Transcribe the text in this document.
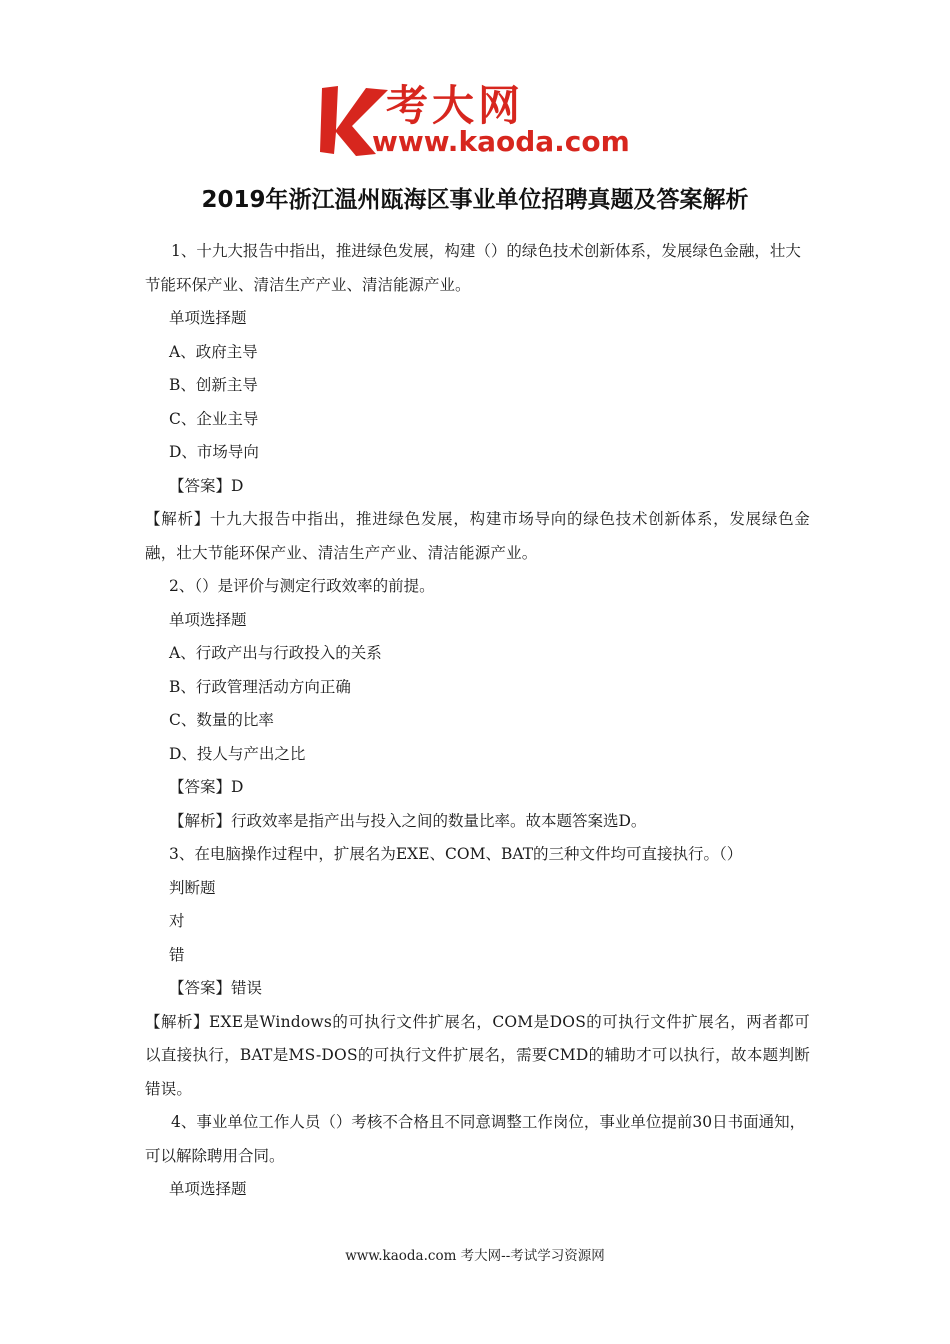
考大网
www.kaoda.com
2019年浙江温州瓯海区事业单位招聘真题及答案解析

1、十九大报告中指出，推进绿色发展，构建（）的绿色技术创新体系，发展绿色金融，壮大节能环保产业、清洁生产产业、清洁能源产业。

单项选择题

A、政府主导

B、创新主导

C、企业主导

D、市场导向

【答案】D

【解析】十九大报告中指出，推进绿色发展，构建市场导向的绿色技术创新体系，发展绿色金融，壮大节能环保产业、清洁生产产业、清洁能源产业。

2、（）是评价与测定行政效率的前提。

单项选择题

A、行政产出与行政投入的关系

B、行政管理活动方向正确

C、数量的比率

D、投人与产出之比

【答案】D

【解析】行政效率是指产出与投入之间的数量比率。故本题答案选D。

3、在电脑操作过程中，扩展名为EXE、COM、BAT的三种文件均可直接执行。（）

判断题

对

错

【答案】错误

【解析】EXE是Windows的可执行文件扩展名，COM是DOS的可执行文件扩展名，两者都可以直接执行，BAT是MS-DOS的可执行文件扩展名，需要CMD的辅助才可以执行，故本题判断错误。

4、事业单位工作人员（）考核不合格且不同意调整工作岗位，事业单位提前30日书面通知，可以解除聘用合同。

单项选择题

www.kaoda.com 考大网--考试学习资源网
